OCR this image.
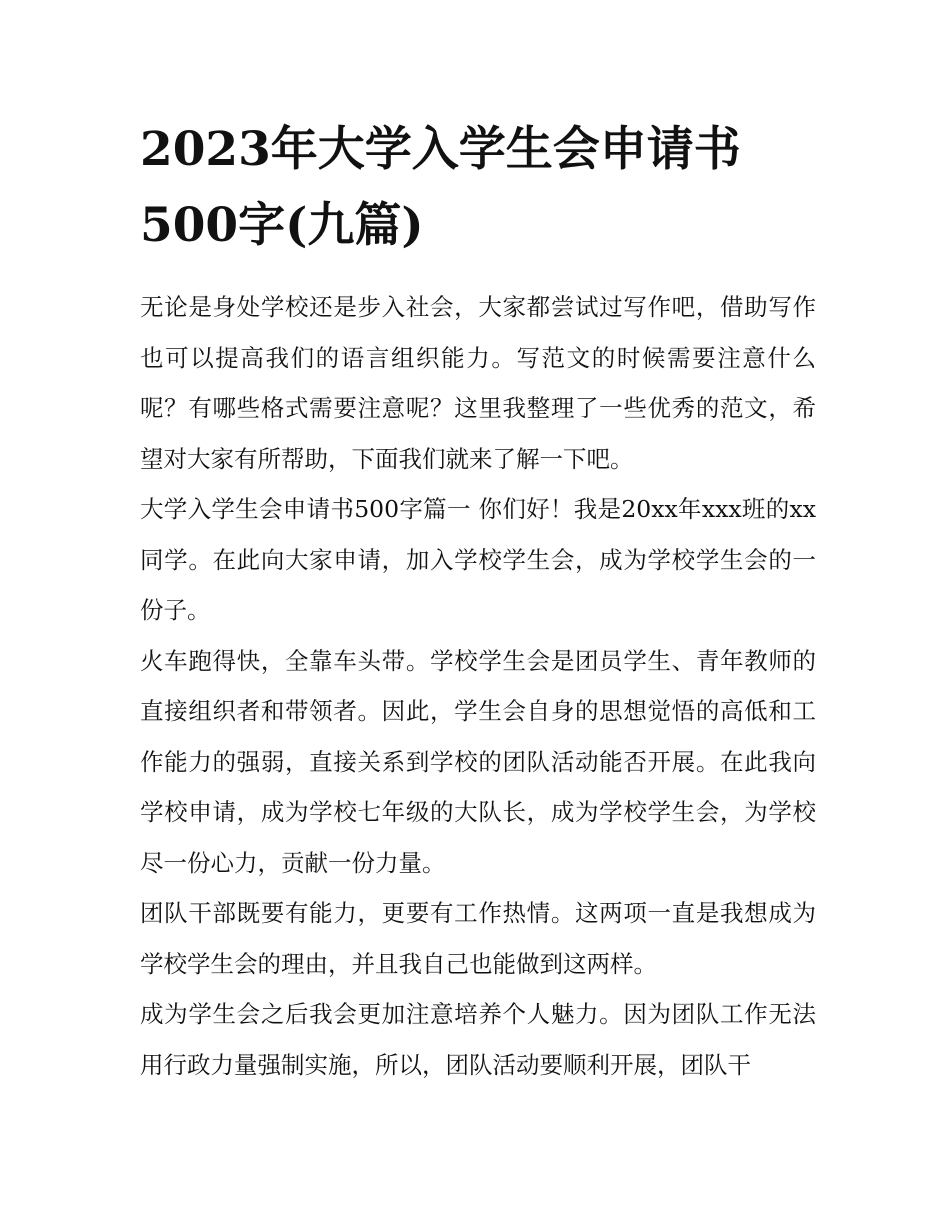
2023年大学入学生会申请书500字(九篇)

无论是身处学校还是步入社会，大家都尝试过写作吧，借助写作也可以提高我们的语言组织能力。写范文的时候需要注意什么呢？有哪些格式需要注意呢？这里我整理了一些优秀的范文，希望对大家有所帮助，下面我们就来了解一下吧。

大学入学生会申请书500字篇一 你们好！我是20xx年xxx班的xx同学。在此向大家申请，加入学校学生会，成为学校学生会的一份子。

火车跑得快，全靠车头带。学校学生会是团员学生、青年教师的直接组织者和带领者。因此，学生会自身的思想觉悟的高低和工作能力的强弱，直接关系到学校的团队活动能否开展。在此我向学校申请，成为学校七年级的大队长，成为学校学生会，为学校尽一份心力，贡献一份力量。

团队干部既要有能力，更要有工作热情。这两项一直是我想成为学校学生会的理由，并且我自己也能做到这两样。

成为学生会之后我会更加注意培养个人魅力。因为团队工作无法用行政力量强制实施，所以，团队活动要顺利开展，团队干
